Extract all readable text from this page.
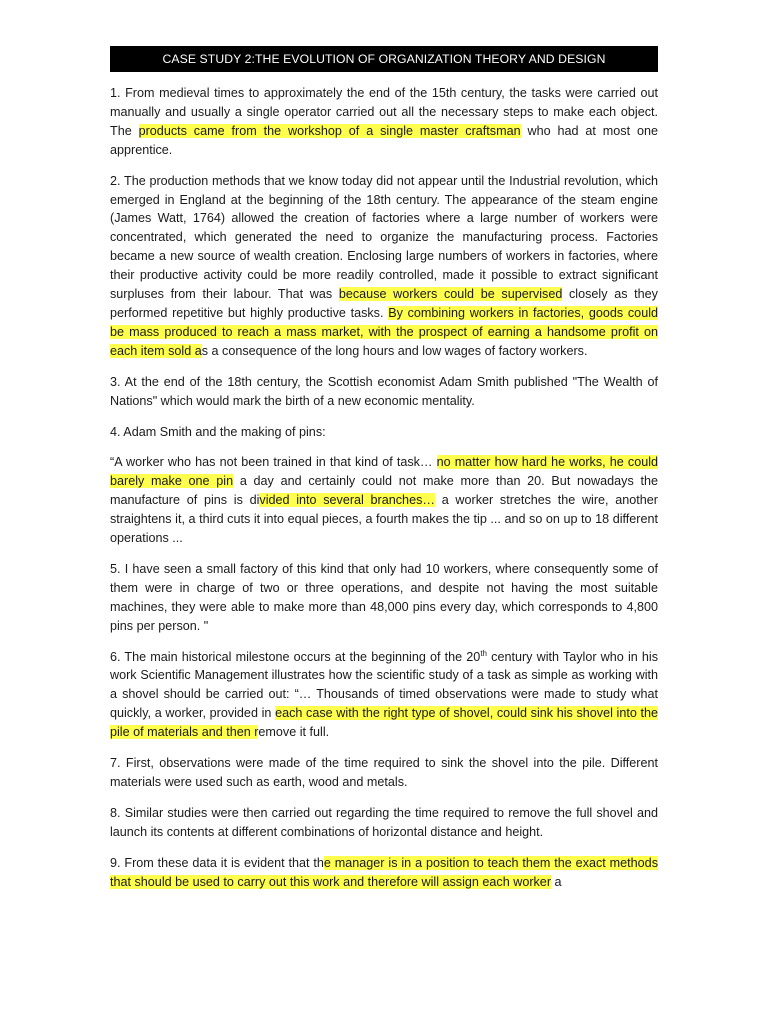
CASE STUDY 2:THE EVOLUTION OF ORGANIZATION THEORY AND DESIGN

1. From medieval times to approximately the end of the 15th century, the tasks were carried out manually and usually a single operator carried out all the necessary steps to make each object. The products came from the workshop of a single master craftsman who had at most one apprentice.

2. The production methods that we know today did not appear until the Industrial revolution, which emerged in England at the beginning of the 18th century. The appearance of the steam engine (James Watt, 1764) allowed the creation of factories where a large number of workers were concentrated, which generated the need to organize the manufacturing process. Factories became a new source of wealth creation. Enclosing large numbers of workers in factories, where their productive activity could be more readily controlled, made it possible to extract significant surpluses from their labour. That was because workers could be supervised closely as they performed repetitive but highly productive tasks. By combining workers in factories, goods could be mass produced to reach a mass market, with the prospect of earning a handsome profit on each item sold as a consequence of the long hours and low wages of factory workers.

3. At the end of the 18th century, the Scottish economist Adam Smith published "The Wealth of Nations" which would mark the birth of a new economic mentality.

4. Adam Smith and the making of pins:

“A worker who has not been trained in that kind of task… no matter how hard he works, he could barely make one pin a day and certainly could not make more than 20. But nowadays the manufacture of pins is divided into several branches… a worker stretches the wire, another straightens it, a third cuts it into equal pieces, a fourth makes the tip ... and so on up to 18 different operations ...

5. I have seen a small factory of this kind that only had 10 workers, where consequently some of them were in charge of two or three operations, and despite not having the most suitable machines, they were able to make more than 48,000 pins every day, which corresponds to 4,800 pins per person. "

6. The main historical milestone occurs at the beginning of the 20th century with Taylor who in his work Scientific Management illustrates how the scientific study of a task as simple as working with a shovel should be carried out: “… Thousands of timed observations were made to study what quickly, a worker, provided in each case with the right type of shovel, could sink his shovel into the pile of materials and then remove it full.

7. First, observations were made of the time required to sink the shovel into the pile. Different materials were used such as earth, wood and metals.

8. Similar studies were then carried out regarding the time required to remove the full shovel and launch its contents at different combinations of horizontal distance and height.

9. From these data it is evident that the manager is in a position to teach them the exact methods that should be used to carry out this work and therefore will assign each worker a
